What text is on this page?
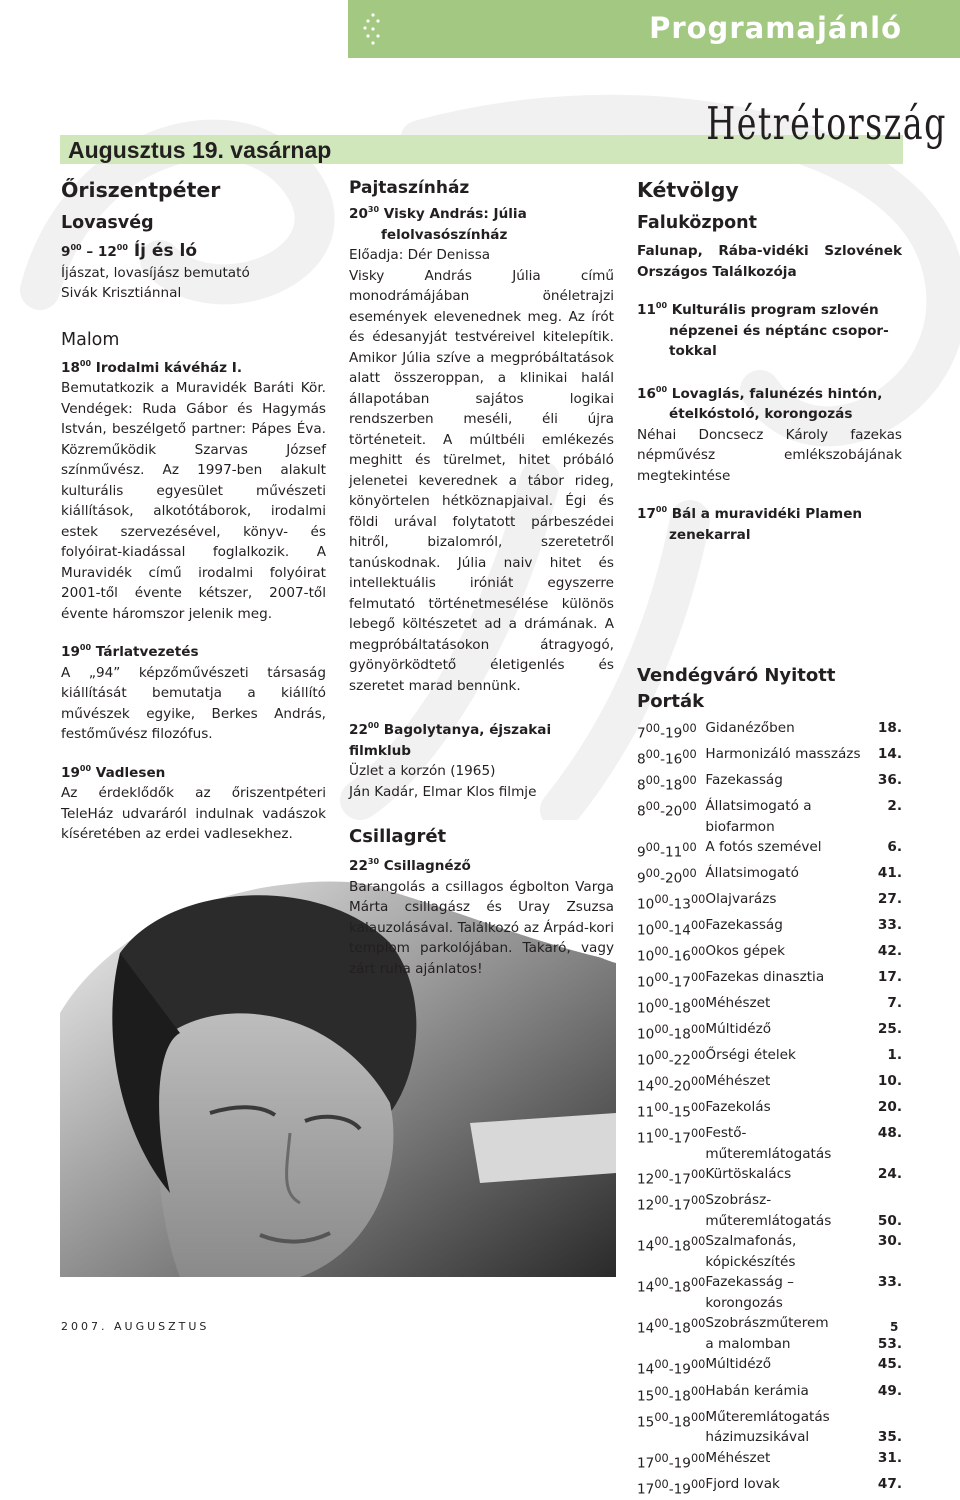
Programajánló
Augusztus 19. vasárnap	Hétrétország
Őriszentpéter
Lovasvég
$9^{00} - 12^{00}$ Íj és ló

Íjászat, lovasíjász bemutató

Sivák Krisztiánnal

Malom
$18^{00}$ Irodalmi kávéház I.

Bemutatkozik a Muravidék Baráti Kör. Vendégek: Ruda Gábor és Hagymás István, beszélgető partner: Pápes Éva. Közreműködik Szarvas József színművész. Az 1997-ben alakult kulturális egyesület művészeti kiállítások, alkotótáborok, irodalmi estek szervezésével, könyv- és folyóirat-kiadással foglalkozik. A Muravidék című irodalmi folyóirat 2001-től évente kétszer, 2007-től évente háromszor jelenik meg.

$19^{00}$ Tárlatvezetés

A „94” képzőművészeti társaság kiállítását bemutatja a kiállító művészek egyike, Berkes András, festőművész filozófus.

$19^{00}$ Vadlesen

Az érdeklődők az őriszentpéteri TeleHáz udvaráról indulnak vadászok kíséretében az erdei vadlesekhez.

Pajtaszínház
$20^{30}$ Visky András: Júlia
felolvasószínház

Előadja: Dér Denissa

Visky András Júlia című monodrámájában önéletrajzi események elevenednek meg. Az írót és édesanyját testvéreivel kitelepítik. Amikor Júlia szíve a megpróbáltatások alatt összeroppan, a klinikai halál állapotában sajátos logikai rendszerben meséli, éli újra történeteit. A múltbéli emlékezés meghitt és türelmet, hitet próbáló jelenetei keverednek a tábor rideg, könyörtelen hétköznapjaival. Égi és földi urával folytatott párbeszédei hitről, bizalomról, szeretetről tanúskodnak. Júlia naiv hitet és intellektuális iróniát egyszerre felmutató történetmesélése különös lebegő költészetet ad a drámának. A megpróbáltatásokon átragyogó, gyönyörködtető életigenlés és szeretet marad bennünk.

$22^{00}$ Bagolytanya, éjszakai filmklub

Üzlet a korzón (1965)

Ján Kadár, Elmar Klos filmje

Csillagrét
$22^{30}$ Csillagnéző

Barangolás a csillagos égbolton Varga Márta csillagász és Uray Zsuzsa kalauzolásával. Találkozó az Árpád-kori templom parkolójában. Takaró, vagy zárt ruha ajánlatos!

Kétvölgy
Faluközpont

Falunap, Rába-vidéki Szlovének Országos Találkozója

$11^{00}$ Kulturális program szlovén
népzenei és néptánc csopor-
tokkal
$16^{00}$ Lovaglás, falunézés hintón,
ételkóstoló, korongozás

Néhai Doncsecz Károly fazekas népművész emlékszobájának megtekintése

$17^{00}$ Bál a muravidéki Plamen
zenekarral
Vendégváró Nyitott Porták
$7^{00}-19^{00}$	Gidanézőben	18.

$8^{00}-16^{00}$	Harmonizáló masszázs	14.

$8^{00}-18^{00}$	Fazekasság	36.

$8^{00}-20^{00}$	Állatsimogató a biofarmon	2.

$9^{00}-11^{00}$	A fotós szemével	6.

$9^{00}-20^{00}$	Állatsimogató	41.

$10^{00}-13^{00}$	Olajvarázs	27.

$10^{00}-14^{00}$	Fazekasság	33.

$10^{00}-16^{00}$	Okos gépek	42.

$10^{00}-17^{00}$	Fazekas dinasztia	17.

$10^{00}-18^{00}$	Méhészet	7.

$10^{00}-18^{00}$	Múltidéző	25.

$10^{00}-22^{00}$	Őrségi ételek	1.

$14^{00}-20^{00}$	Méhészet	10.

$11^{00}-15^{00}$	Fazekolás	20.

$11^{00}-17^{00}$	Festő-műteremlátogatás	48.

$12^{00}-17^{00}$	Kürtöskalács	24.

$12^{00}-17^{00}$	Szobrász-
műteremlátogatás	50.

$14^{00}-18^{00}$	Szalmafonás, kópickészítés	30.

$14^{00}-18^{00}$	Fazekasság – korongozás	33.

$14^{00}-18^{00}$	Szobrászműterem
a malomban	53.

$14^{00}-19^{00}$	Múltidéző	45.

$15^{00}-18^{00}$	Habán kerámia	49.

$15^{00}-18^{00}$	Műteremlátogatás
házimuzsikával	35.

$17^{00}-19^{00}$	Méhészet	31.

$17^{00}-19^{00}$	Fjord lovak	47.
2007. AUGUSZTUS	5
